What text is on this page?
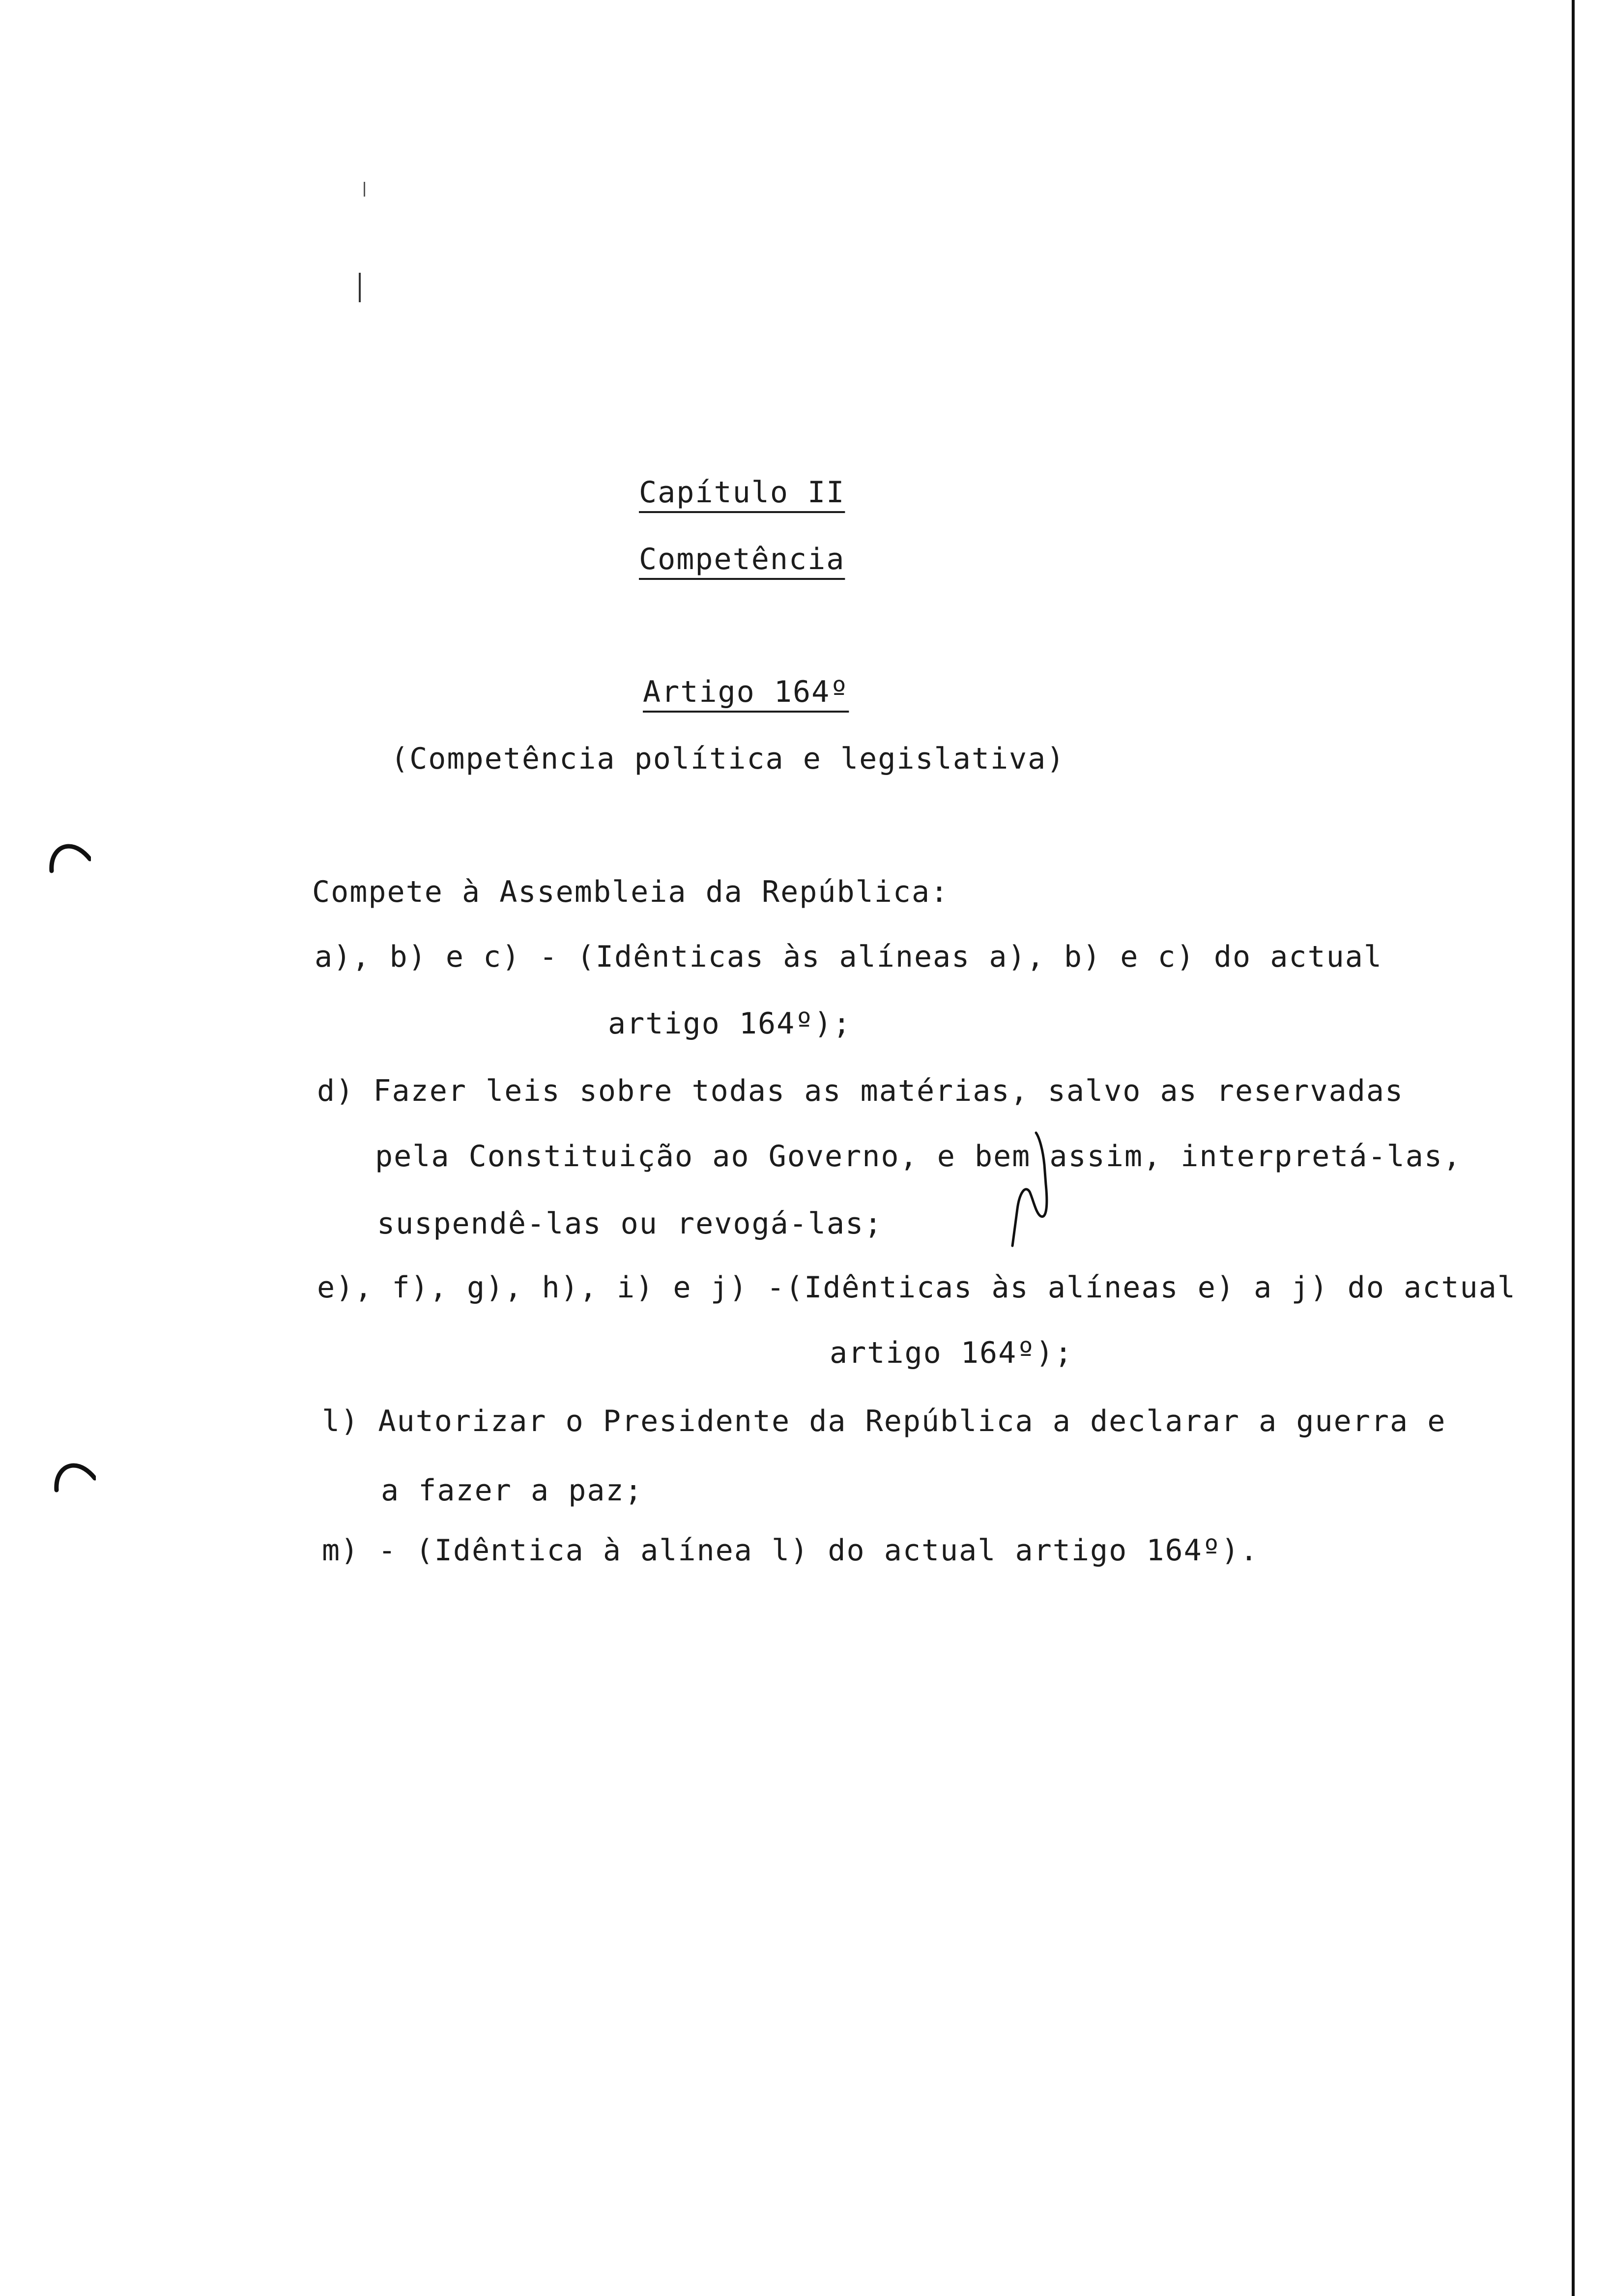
Capítulo II
Competência
Artigo 164º
(Competência política e legislativa)
Compete à Assembleia da República:
a), b) e c) - (Idênticas às alíneas a), b) e c) do actual
artigo 164º);
d) Fazer leis sobre todas as matérias, salvo as reservadas
pela Constituição ao Governo, e bem assim, interpretá-las,
suspendê-las ou revogá-las;
e), f), g), h), i) e j) -(Idênticas às alíneas e) a j) do actual
artigo 164º);
l) Autorizar o Presidente da República a declarar a guerra e
a fazer a paz;
m) - (Idêntica à alínea l) do actual artigo 164º).
